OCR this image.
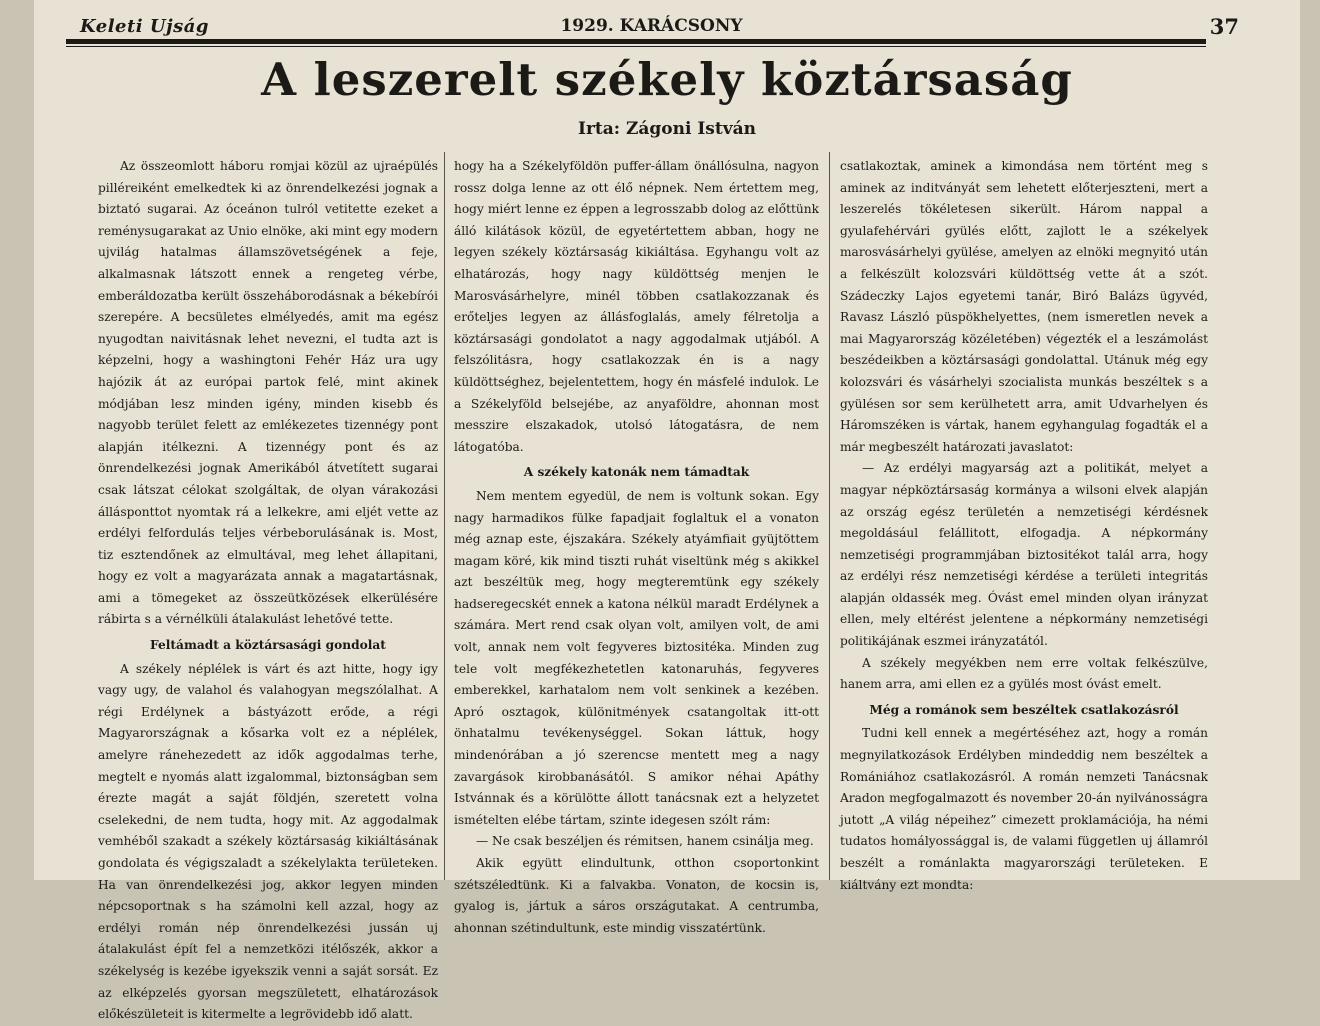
Keleti Ujság	1929. KARÁCSONY	37
A leszerelt székely köztársaság
Irta: Zágoni István

Az összeomlott háboru romjai közül az ujraépülés pilléreiként emelkedtek ki az önrendelkezési jognak a biztató sugarai. Az óceánon tulról vetitette ezeket a reménysugarakat az Unio elnöke, aki mint egy modern ujvilág hatalmas államszövetségének a feje, alkalmasnak látszott ennek a rengeteg vérbe, emberáldozatba került összeháborodásnak a békebírói szerepére. A becsületes elmélyedés, amit ma egész nyugodtan naivitásnak lehet nevezni, el tudta azt is képzelni, hogy a washingtoni Fehér Ház ura ugy hajózik át az európai partok felé, mint akinek módjában lesz minden igény, minden kisebb és nagyobb terület felett az emlékezetes tizennégy pont alapján itélkezni. A tizennégy pont és az önrendelkezési jognak Amerikából átvetített sugarai csak látszat célokat szolgáltak, de olyan várakozási állásponttot nyomtak rá a lelkekre, ami eljét vette az erdélyi felfordulás teljes vérbeborulásának is. Most, tiz esztendőnek az elmultával, meg lehet állapitani, hogy ez volt a magyarázata annak a magatartásnak, ami a tömegeket az összeütközések elkerülésére rábirta s a vérnélküli átalakulást lehetővé tette.

Feltámadt a köztársasági gondolat

A székely néplélek is várt és azt hitte, hogy igy vagy ugy, de valahol és valahogyan megszólalhat. A régi Erdélynek a bástyázott erőde, a régi Magyarországnak a kősarka volt ez a néplélek, amelyre ránehezedett az idők aggodalmas terhe, megtelt e nyomás alatt izgalommal, biztonságban sem érezte magát a saját földjén, szeretett volna cselekedni, de nem tudta, hogy mit. Az aggodalmak vemhéből szakadt a székely köztársaság kikiáltásának gondolata és végigszaladt a székelylakta területeken. Ha van önrendelkezési jog, akkor legyen minden népcsoportnak s ha számolni kell azzal, hogy az erdélyi román nép önrendelkezési jussán uj átalakulást épít fel a nemzetközi itélőszék, akkor a székelység is kezébe igyekszik venni a saját sorsát. Ez az elképzelés gyorsan megszületett, elhatározások előkészületeit is kitermelte a legrövidebb idő alatt.

hogy ha a Székelyföldön puffer-állam önállósulna, nagyon rossz dolga lenne az ott élő népnek. Nem értettem meg, hogy miért lenne ez éppen a legrosszabb dolog az előttünk álló kilátások közül, de egyetértettem abban, hogy ne legyen székely köztársaság kikiáltása. Egyhangu volt az elhatározás, hogy nagy küldöttség menjen le Marosvásárhelyre, minél többen csatlakozzanak és erőteljes legyen az állásfoglalás, amely félretolja a köztársasági gondolatot a nagy aggodalmak utjából. A felszólitásra, hogy csatlakozzak én is a nagy küldöttséghez, bejelentettem, hogy én másfelé indulok. Le a Székelyföld belsejébe, az anyaföldre, ahonnan most messzire elszakadok, utolsó látogatásra, de nem látogatóba.

A székely katonák nem támadtak

Nem mentem egyedül, de nem is voltunk sokan. Egy nagy harmadikos fülke fapadjait foglaltuk el a vonaton még aznap este, éjszakára. Székely atyámfiait gyüjtöttem magam köré, kik mind tiszti ruhát viseltünk még s akikkel azt beszéltük meg, hogy megteremtünk egy székely hadseregecskét ennek a katona nélkül maradt Erdélynek a számára. Mert rend csak olyan volt, amilyen volt, de ami volt, annak nem volt fegyveres biztositéka. Minden zug tele volt megfékezhetetlen katonaruhás, fegyveres emberekkel, karhatalom nem volt senkinek a kezében. Apró osztagok, különitmények csatangoltak itt-ott önhatalmu tevékenységgel. Sokan láttuk, hogy mindenórában a jó szerencse mentett meg a nagy zavargások kirobbanásától. S amikor néhai Apáthy Istvánnak és a körülötte állott tanácsnak ezt a helyzetet ismételten elébe tártam, szinte idegesen szólt rám:

— Ne csak beszéljen és rémitsen, hanem csinálja meg.

Akik együtt elindultunk, otthon csoportonkint szétszéledtünk. Ki a falvakba. Vonaton, de kocsin is, gyalog is, jártuk a sáros országutakat. A centrumba, ahonnan szétindultunk, este mindig visszatértünk.

csatlakoztak, aminek a kimondása nem történt meg s aminek az inditványát sem lehetett előterjeszteni, mert a leszerelés tökéletesen sikerült. Három nappal a gyulafehérvári gyülés előtt, zajlott le a székelyek marosvásárhelyi gyülése, amelyen az elnöki megnyitó után a felkészült kolozsvári küldöttség vette át a szót. Szádeczky Lajos egyetemi tanár, Biró Balázs ügyvéd, Ravasz László püspökhelyettes, (nem ismeretlen nevek a mai Magyarország közéletében) végezték el a leszámolást beszédeikben a köztársasági gondolattal. Utánuk még egy kolozsvári és vásárhelyi szocialista munkás beszéltek s a gyülésen sor sem kerülhetett arra, amit Udvarhelyen és Háromszéken is vártak, hanem egyhangulag fogadták el a már megbeszélt határozati javaslatot:

— Az erdélyi magyarság azt a politikát, melyet a magyar népköztársaság kormánya a wilsoni elvek alapján az ország egész területén a nemzetiségi kérdésnek megoldásául felállitott, elfogadja. A népkormány nemzetiségi programmjában biztositékot talál arra, hogy az erdélyi rész nemzetiségi kérdése a területi integritás alapján oldassék meg. Óvást emel minden olyan irányzat ellen, mely eltérést jelentene a népkormány nemzetiségi politikájának eszmei irányzatától.

A székely megyékben nem erre voltak felkészülve, hanem arra, ami ellen ez a gyülés most óvást emelt.

Még a románok sem beszéltek csatlakozásról

Tudni kell ennek a megértéséhez azt, hogy a román megnyilatkozások Erdélyben mindeddig nem beszéltek a Romániához csatlakozásról. A román nemzeti Tanácsnak Aradon megfogalmazott és november 20-án nyilvánosságra jutott „A világ népeihez” cimezett proklamációja, ha némi tudatos homályossággal is, de valami független uj államról beszélt a románlakta magyarországi területeken. E kiáltvány ezt mondta:
